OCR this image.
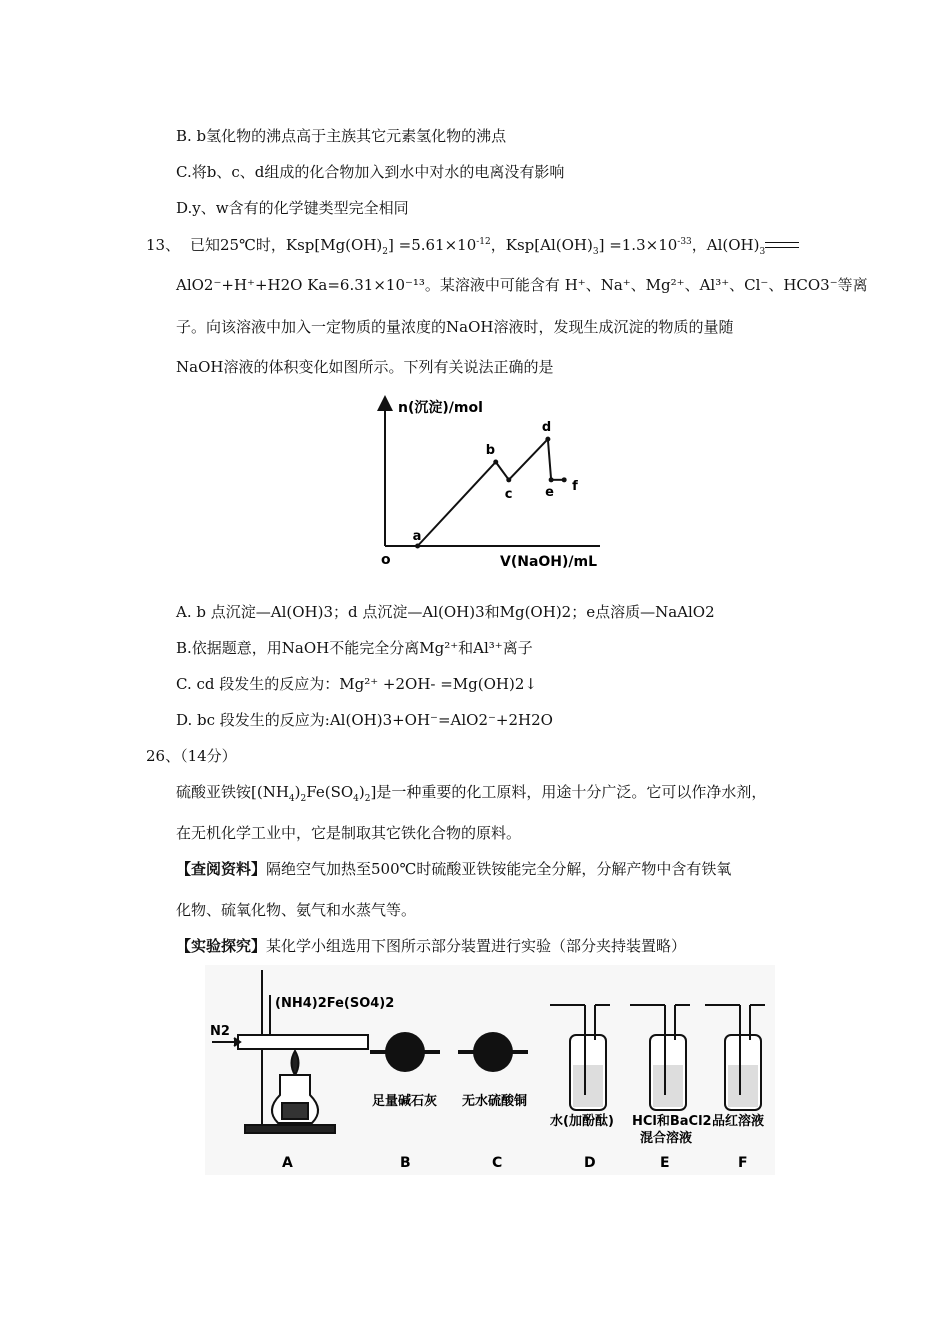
B. b氢化物的沸点高于主族其它元素氢化物的沸点
C.将b、c、d组成的化合物加入到水中对水的电离没有影响
D.y、w含有的化学键类型完全相同
13、 已知25℃时，$Ksp[Mg(OH)_2] =5.61\times 10^{-12}$，$Ksp[Al(OH)_3] =1.3\times 10^{-33}$，$Al(OH)_3$
AlO2⁻+H⁺+H2O Ka=6.31×10⁻¹³。某溶液中可能含有 H⁺、Na⁺、Mg²⁺、Al³⁺、Cl⁻、HCO3⁻等离
子。向该溶液中加入一定物质的量浓度的NaOH溶液时，发现生成沉淀的物质的量随
NaOH溶液的体积变化如图所示。下列有关说法正确的是
n(沉淀)/mol
V(NaOH)/mL
o
a
b
c
d
e f
A. b 点沉淀—Al(OH)3；d 点沉淀—Al(OH)3和Mg(OH)2；e点溶质—NaAlO2
B.依据题意，用NaOH不能完全分离Mg²⁺和Al³⁺离子
C. cd 段发生的反应为：Mg²⁺ +2OH- =Mg(OH)2↓
D. bc 段发生的反应为:Al(OH)3+OH⁻=AlO2⁻+2H2O
26、（14分）
硫酸亚铁铵$[(NH_4)_2Fe(SO_4)_2]$是一种重要的化工原料，用途十分广泛。它可以作净水剂，
在无机化学工业中，它是制取其它铁化合物的原料。
【查阅资料】隔绝空气加热至500℃时硫酸亚铁铵能完全分解，分解产物中含有铁氧
化物、硫氧化物、氨气和水蒸气等。
【实验探究】某化学小组选用下图所示部分装置进行实验（部分夹持装置略）
N2
(NH4)2Fe(SO4)2
足量碱石灰 无水硫酸铜
水(加酚酞) HCl和BaCl2
混合溶液
品红溶液
A	B	C	D	E	F
